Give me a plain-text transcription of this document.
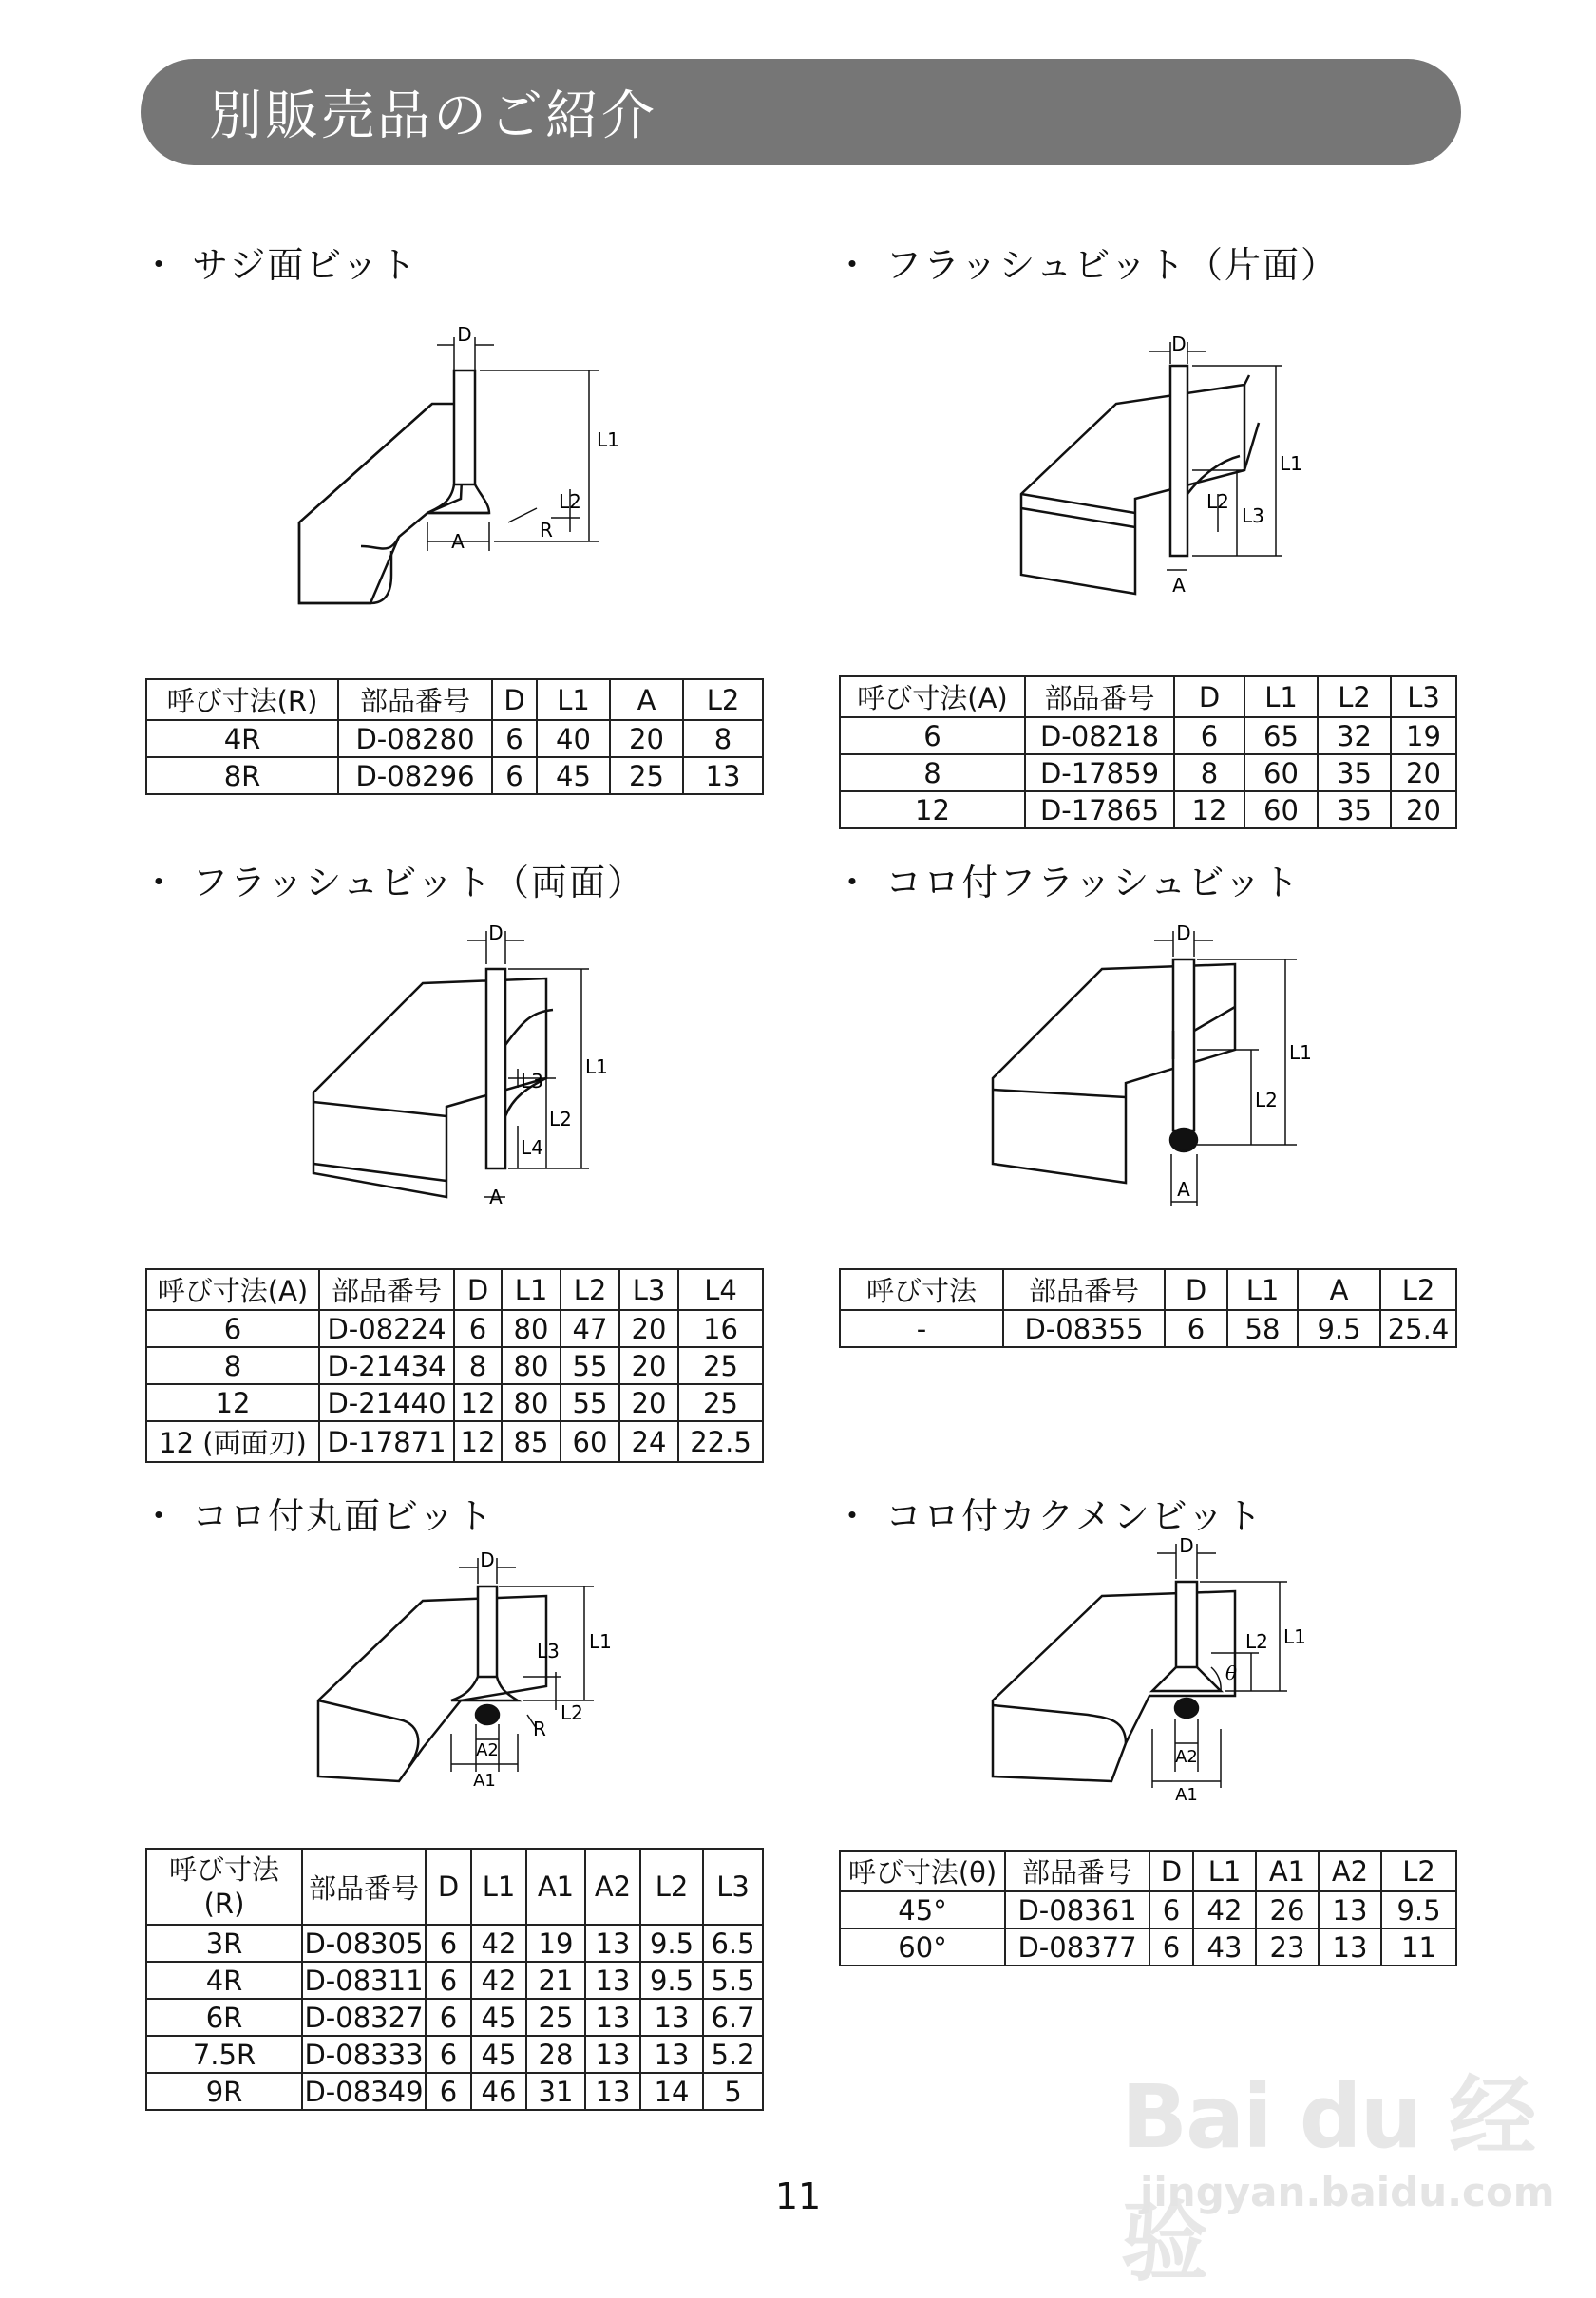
別販売品のご紹介
・ サジ面ビット
D
L1
L2
A	R
呼び寸法(R)	部品番号	D	L1	A	L2
4R	D-08280	6	40	20	8
8R	D-08296	6	45	25	13
・ フラッシュビット（片面）
D
L1
L2
L3
A
呼び寸法(A)	部品番号	D	L1	L2	L3
6	D-08218	6	65	32	19
8	D-17859	8	60	35	20
12	D-17865	12	60	35	20
・ フラッシュビット（両面）
D
L1
L2
L3
L4
A
呼び寸法(A)	部品番号	D	L1	L2	L3	L4
6	D-08224	6	80	47	20	16
8	D-21434	8	80	55	20	25
12	D-21440	12	80	55	20	25
12 (両面刃)	D-17871	12	85	60	24	22.5
・ コロ付フラッシュビット
D
L1
L2
A
呼び寸法	部品番号	D	L1	A	L2
-	D-08355	6	58	9.5	25.4
・ コロ付丸面ビット
D
L1
L2
L3
R
A2
A1
呼び寸法
(R)	部品番号	D	L1	A1	A2	L2	L3
3R	D-08305	6	42	19	13	9.5	6.5
4R	D-08311	6	42	21	13	9.5	5.5
6R	D-08327	6	45	25	13	13	6.7
7.5R	D-08333	6	45	28	13	13	5.2
9R	D-08349	6	46	31	13	14	5
・ コロ付カクメンビット
D
L1
L2
θ
A2
A1
呼び寸法(θ)	部品番号	D	L1	A1	A2	L2
45°	D-08361	6	42	26	13	9.5
60°	D-08377	6	43	23	13	11
11
Bai du 经验
jingyan.baidu.com
